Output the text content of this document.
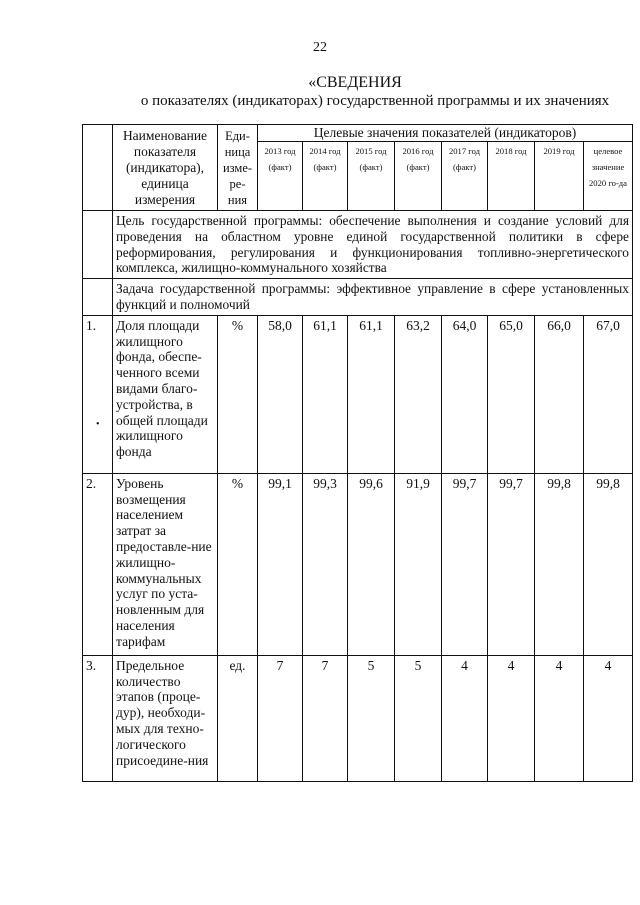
22
«СВЕДЕНИЯ
о показателях (индикаторах) государственной программы и их значениях
	Наименование показателя (индикатора), единица измерения	Еди-ница изме-ре-ния	Целевые значения показателей (индикаторов)							
			2013 год (факт)	2014 год (факт)	2015 год (факт)	2016 год (факт)	2017 год (факт)	2018 год	2019 год	целевое значение 2020 го-да
	Цель государственной программы: обеспечение выполнения и создание условий для проведения на областном уровне единой государственной политики в сфере реформирования, регулирования и функционирования топливно-энергетического комплекса, жилищно-коммунального хозяйства									
	Задача государственной программы: эффективное управление в сфере установленных функций и полномочий									
1.	Доля площади жилищного фонда, обеспе-ченного всеми видами благо-устройства, в общей площади жилищного фонда	%	58,0	61,1	61,1	63,2	64,0	65,0	66,0	67,0
2.	Уровень возмещения населением затрат за предоставле-ние жилищно-коммунальных услуг по уста-новленным для населения тарифам	%	99,1	99,3	99,6	91,9	99,7	99,7	99,8	99,8
3.	Предельное количество этапов (проце-дур), необходи-мых для техно-логического присоедине-ния	ед.	7	7	5	5	4	4	4	4
•
